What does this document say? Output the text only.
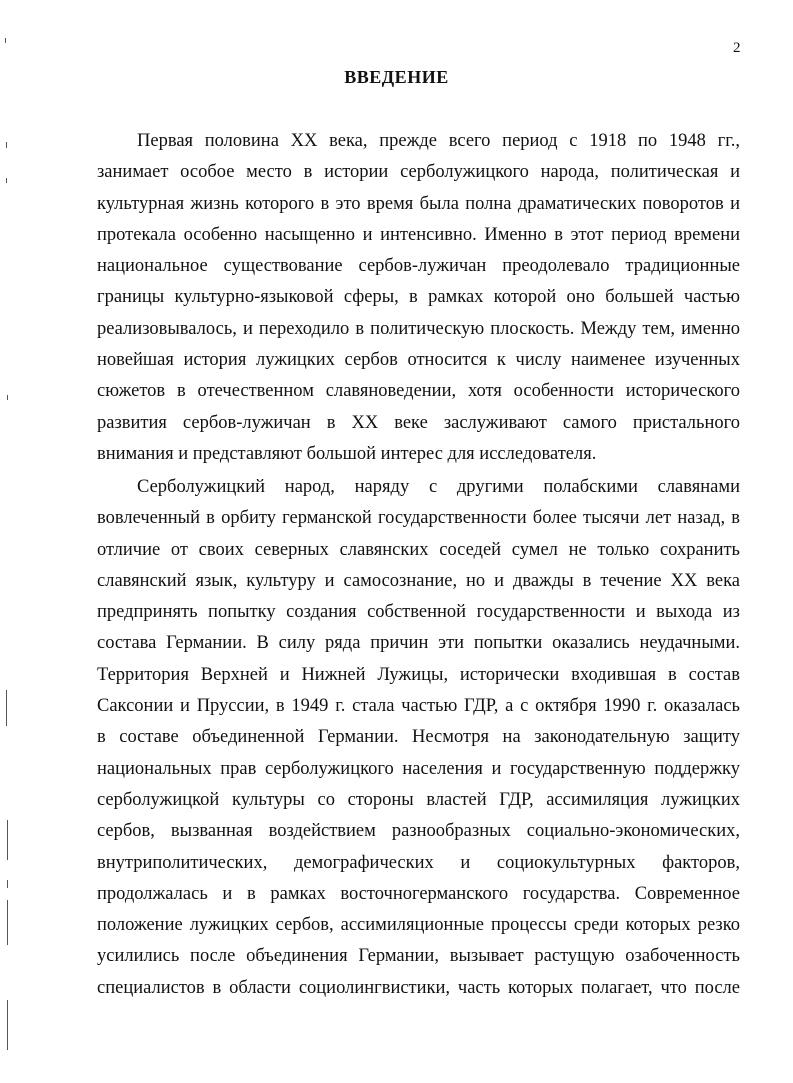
2
ВВЕДЕНИЕ
Первая половина XX века, прежде всего период с 1918 по 1948 гг.,
занимает особое место в истории серболужицкого народа, политическая и
культурная жизнь которого в это время была полна драматических поворотов и
протекала особенно насыщенно и интенсивно. Именно в этот период времени
национальное существование сербов-лужичан преодолевало традиционные
границы культурно-языковой сферы, в рамках которой оно большей частью
реализовывалось, и переходило в политическую плоскость. Между тем, именно
новейшая история лужицких сербов относится к числу наименее изученных
сюжетов в отечественном славяноведении, хотя особенности исторического
развития сербов-лужичан в XX веке заслуживают самого пристального
внимания и представляют большой интерес для исследователя.
Серболужицкий народ, наряду с другими полабскими славянами
вовлеченный в орбиту германской государственности более тысячи лет назад, в
отличие от своих северных славянских соседей сумел не только сохранить
славянский язык, культуру и самосознание, но и дважды в течение XX века
предпринять попытку создания собственной государственности и выхода из
состава Германии. В силу ряда причин эти попытки оказались неудачными.
Территория Верхней и Нижней Лужицы, исторически входившая в состав
Саксонии и Пруссии, в 1949 г. стала частью ГДР, а с октября 1990 г. оказалась
в составе объединенной Германии. Несмотря на законодательную защиту
национальных прав серболужицкого населения и государственную поддержку
серболужицкой культуры со стороны властей ГДР, ассимиляция лужицких
сербов, вызванная воздействием разнообразных социально-экономических,
внутриполитических, демографических и социокультурных факторов,
продолжалась и в рамках восточногерманского государства. Современное
положение лужицких сербов, ассимиляционные процессы среди которых резко
усилились после объединения Германии, вызывает растущую озабоченность
специалистов в области социолингвистики, часть которых полагает, что после
